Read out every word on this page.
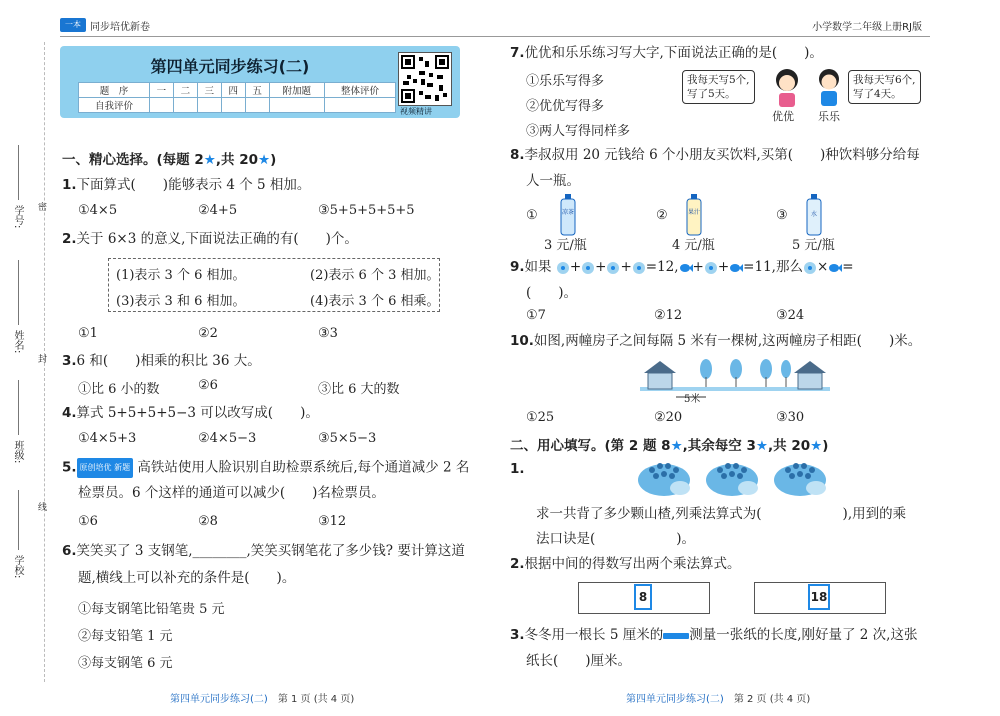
一本 同步培优新卷	小学数学二年级上册RJ版
学号:
姓名:
班级:
学校:
密
封
线
第四单元同步练习(二)
题　序	一	二	三	四	五	附加题	整体评价
自我评价								视频精讲
一、精心选择。(每题 2★,共 20★)
1.下面算式(　　)能够表示 4 个 5 相加。
①4×5	②4+5	③5+5+5+5+5
2.关于 6×3 的意义,下面说法正确的有(　　)个。
(1)表示 3 个 6 相加。	(2)表示 6 个 3 相加。
(3)表示 3 和 6 相加。	(4)表示 3 个 6 相乘。
①1	②2	③3
3.6 和(　　)相乘的积比 36 大。
①比 6 小的数	②6	③比 6 大的数
4.算式 5+5+5+5−3 可以改写成(　　)。
①4×5+3	②4×5−3	③5×5−3
5. 原创培优 新题 高铁站使用人脸识别自助检票系统后,每个通道减少 2 名
检票员。6 个这样的通道可以减少(　　)名检票员。
①6	②8	③12
6.笑笑买了 3 支钢笔,________,笑笑买钢笔花了多少钱? 要计算这道
题,横线上可以补充的条件是(　　)。
①每支钢笔比铅笔贵 5 元
②每支铅笔 1 元
③每支钢笔 6 元
第四单元同步练习(二)　 第 1 页 (共 4 页)
7.优优和乐乐练习写大字,下面说法正确的是(　　)。
①乐乐写得多
②优优写得多
③两人写得同样多
我每天写5个,
写了5天。
优优
我每天写6个,
写了4天。
乐乐
8.李叔叔用 20 元钱给 6 个小朋友买饮料,买第(　　)种饮料够分给每
人一瓶。
①	凉茶
3 元/瓶
②	果汁
4 元/瓶
③	水
5 元/瓶
9.如果 + + + =12, + + =11,那么 × =
(　　)。
①7	②12	③24
10.如图,两幢房子之间每隔 5 米有一棵树,这两幢房子相距(　　)米。
5米
①25	②20	③30
二、用心填写。(第 2 题 8★,其余每空 3★,共 20★)
1.
求一共背了多少颗山楂,列乘法算式为(　　　　　　),用到的乘
法口诀是(　　　　　　)。
2.根据中间的得数写出两个乘法算式。
8	18
3.冬冬用一根长 5 厘米的 测量一张纸的长度,刚好量了 2 次,这张
纸长(　　)厘米。
第四单元同步练习(二)　 第 2 页 (共 4 页)
